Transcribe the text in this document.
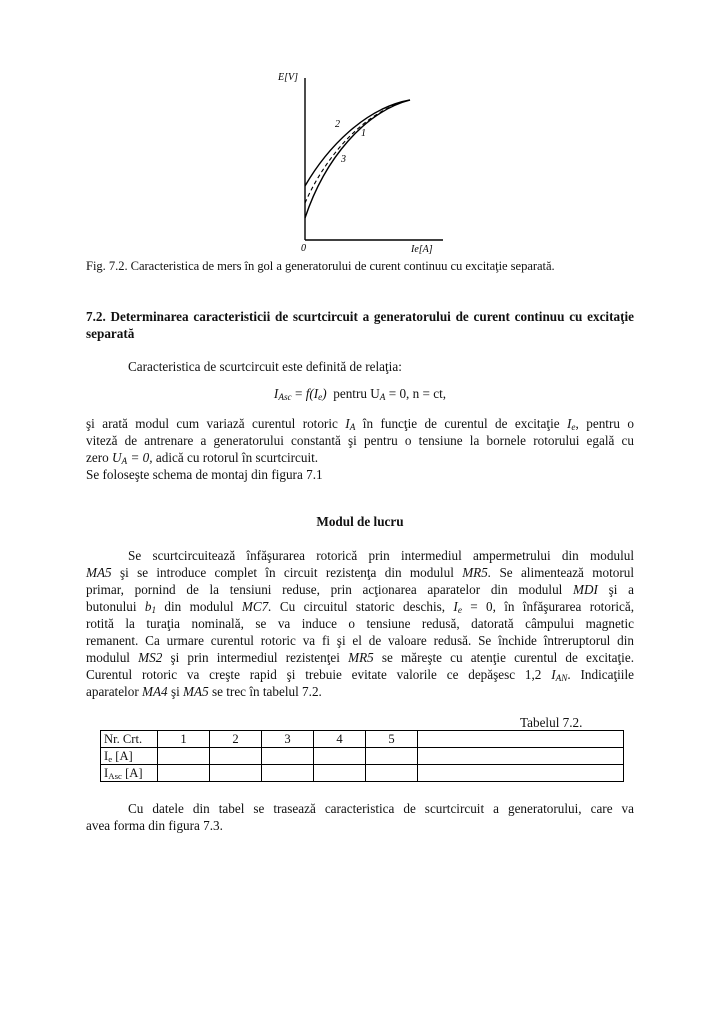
E[V]
Ie[A]
0
2
1
3
Fig. 7.2. Caracteristica de mers în gol a generatorului de curent continuu cu excitaţie separată.
7.2. Determinarea caracteristicii de scurtcircuit a generatorului de curent continuu cu excitaţie separată
Caracteristica de scurtcircuit este definită de relaţia:
$I_{Asc} = f(I_e)$  pentru $U_A = 0$, n = ct,
şi arată modul cum variază curentul rotoric $I_A$ în funcţie de curentul de excitaţie $I_e$, pentru o
viteză de antrenare a generatorului constantă şi pentru o tensiune la bornele rotorului egală cu
zero $U_A = 0$, adică cu rotorul în scurtcircuit.
Se foloseşte schema de montaj din figura 7.1
Modul de lucru
Se scurtcircuitează înfăşurarea rotorică prin intermediul ampermetrului din modulul
MA5 şi se introduce complet în circuit rezistenţa din modulul MR5. Se alimentează motorul
primar, pornind de la tensiuni reduse, prin acţionarea aparatelor din modulul MDI şi a
butonului $b_1$ din modulul MC7. Cu circuitul statoric deschis, $I_e = 0$, în înfăşurarea rotorică,
rotită la turaţia nominală, se va induce o tensiune redusă, datorată câmpului magnetic
remanent. Ca urmare curentul rotoric va fi şi el de valoare redusă. Se închide întreruptorul din
modulul MS2 şi prin intermediul rezistenţei MR5 se măreşte cu atenţie curentul de excitaţie.
Curentul rotoric va creşte rapid şi trebuie evitate valorile ce depăşesc 1,2 $I_{AN}$. Indicaţiile
aparatelor MA4 şi MA5 se trec în tabelul 7.2.
Tabelul 7.2.
Nr. Crt.	1	2	3	4	5	
$I_e$ [A]						
$I_{Asc}$ [A]						
Cu datele din tabel se trasează caracteristica de scurtcircuit a generatorului, care va
avea forma din figura 7.3.
